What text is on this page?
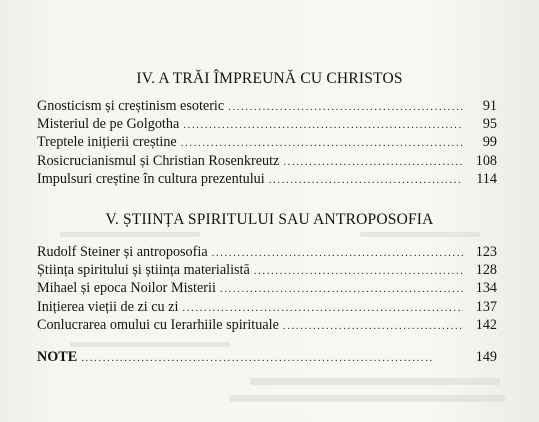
IV. A TRĂI ÎMPREUNĂ CU CHRISTOS
Gnosticism și creștinism esoteric . . .	91
Misteriul de pe Golgotha . . .	95
Treptele inițierii creștine . . .	99
Rosicrucianismul și Christian Rosenkreutz . . .	108
Impulsuri creștine în cultura prezentului . . .	114
V. ȘTIINȚA SPIRITULUI SAU ANTROPOSOFIA
Rudolf Steiner și antroposofia . . .	123
Știința spiritului și știința materialistă . . .	128
Mihael și epoca Noilor Misterii . . .	134
Inițierea vieții de zi cu zi . . .	137
Conlucrarea omului cu Ierarhiile spirituale . . .	142
NOTE . . .	149
